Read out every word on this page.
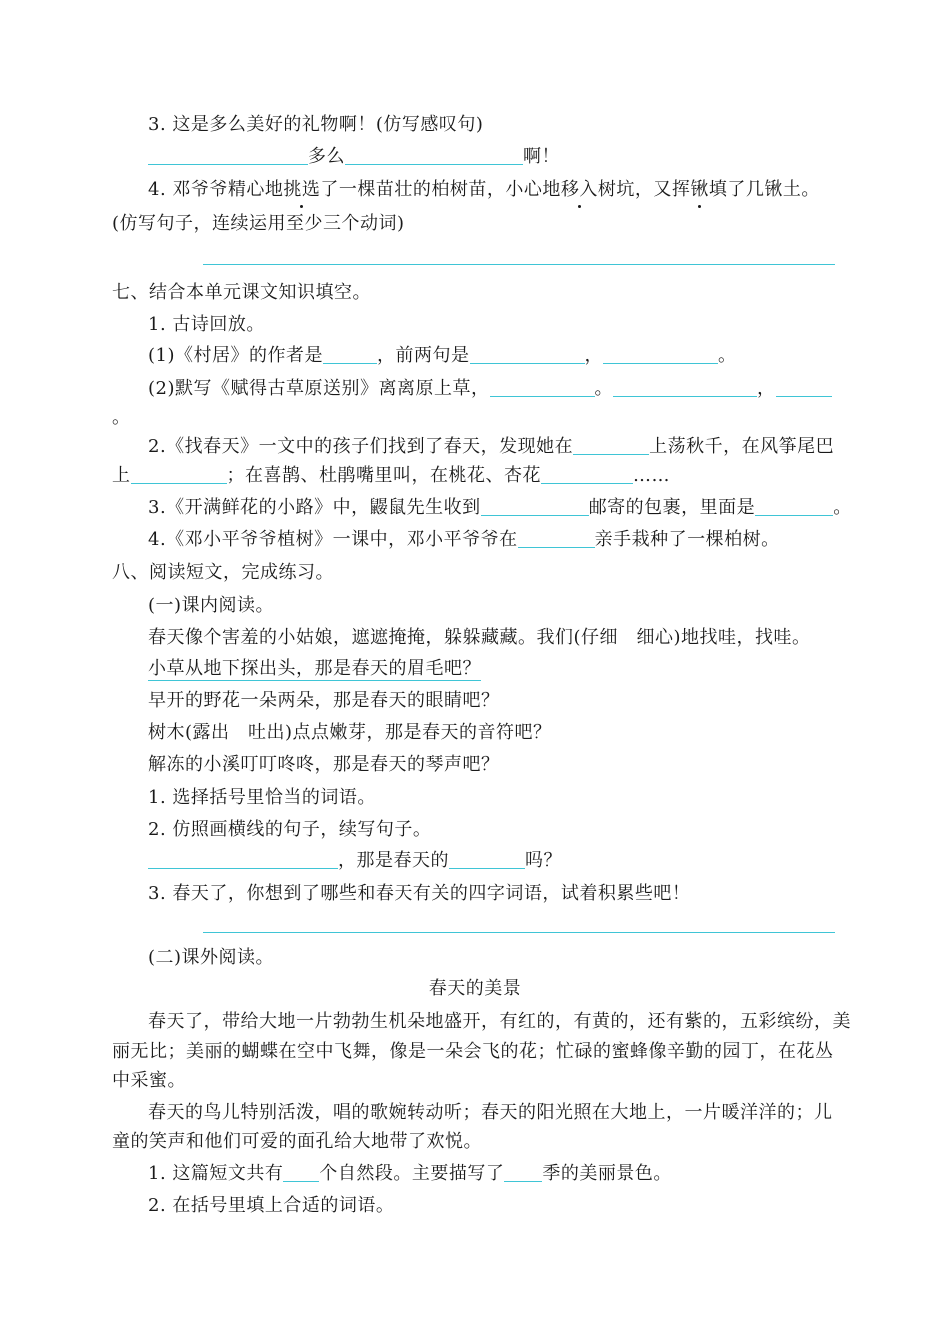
3. 这是多么美好的礼物啊！(仿写感叹句)
多么	啊！
4. 邓爷爷精心地挑选了一棵苗壮的柏树苗，小心地移入树坑，又挥锹填了几锹土。
(仿写句子，连续运用至少三个动词)
七、结合本单元课文知识填空。
1. 古诗回放。
(1)《村居》的作者是	，前两句是	，	。
(2)默写《赋得古草原送别》离离原上草，	。	，
。
2.《找春天》一文中的孩子们找到了春天，发现她在	上荡秋千，在风筝尾巴
上	；在喜鹊、杜鹃嘴里叫，在桃花、杏花	……
3.《开满鲜花的小路》中，鼹鼠先生收到	邮寄的包裹，里面是	。
4.《邓小平爷爷植树》一课中，邓小平爷爷在	亲手栽种了一棵柏树。
八、阅读短文，完成练习。
(一)课内阅读。
春天像个害羞的小姑娘，遮遮掩掩，躲躲藏藏。我们(仔细　细心)地找哇，找哇。
小草从地下探出头，那是春天的眉毛吧？
早开的野花一朵两朵，那是春天的眼睛吧？
树木(露出　吐出)点点嫩芽，那是春天的音符吧？
解冻的小溪叮叮咚咚，那是春天的琴声吧？
1. 选择括号里恰当的词语。
2. 仿照画横线的句子，续写句子。
，那是春天的	吗？
3. 春天了，你想到了哪些和春天有关的四字词语，试着积累些吧！
(二)课外阅读。
春天的美景
春天了，带给大地一片勃勃生机朵地盛开，有红的，有黄的，还有紫的，五彩缤纷，美
丽无比；美丽的蝴蝶在空中飞舞，像是一朵会飞的花；忙碌的蜜蜂像辛勤的园丁，在花丛
中采蜜。
春天的鸟儿特别活泼，唱的歌婉转动听；春天的阳光照在大地上，一片暖洋洋的；儿
童的笑声和他们可爱的面孔给大地带了欢悦。
1. 这篇短文共有 个自然段。主要描写了 季的美丽景色。
2. 在括号里填上合适的词语。
